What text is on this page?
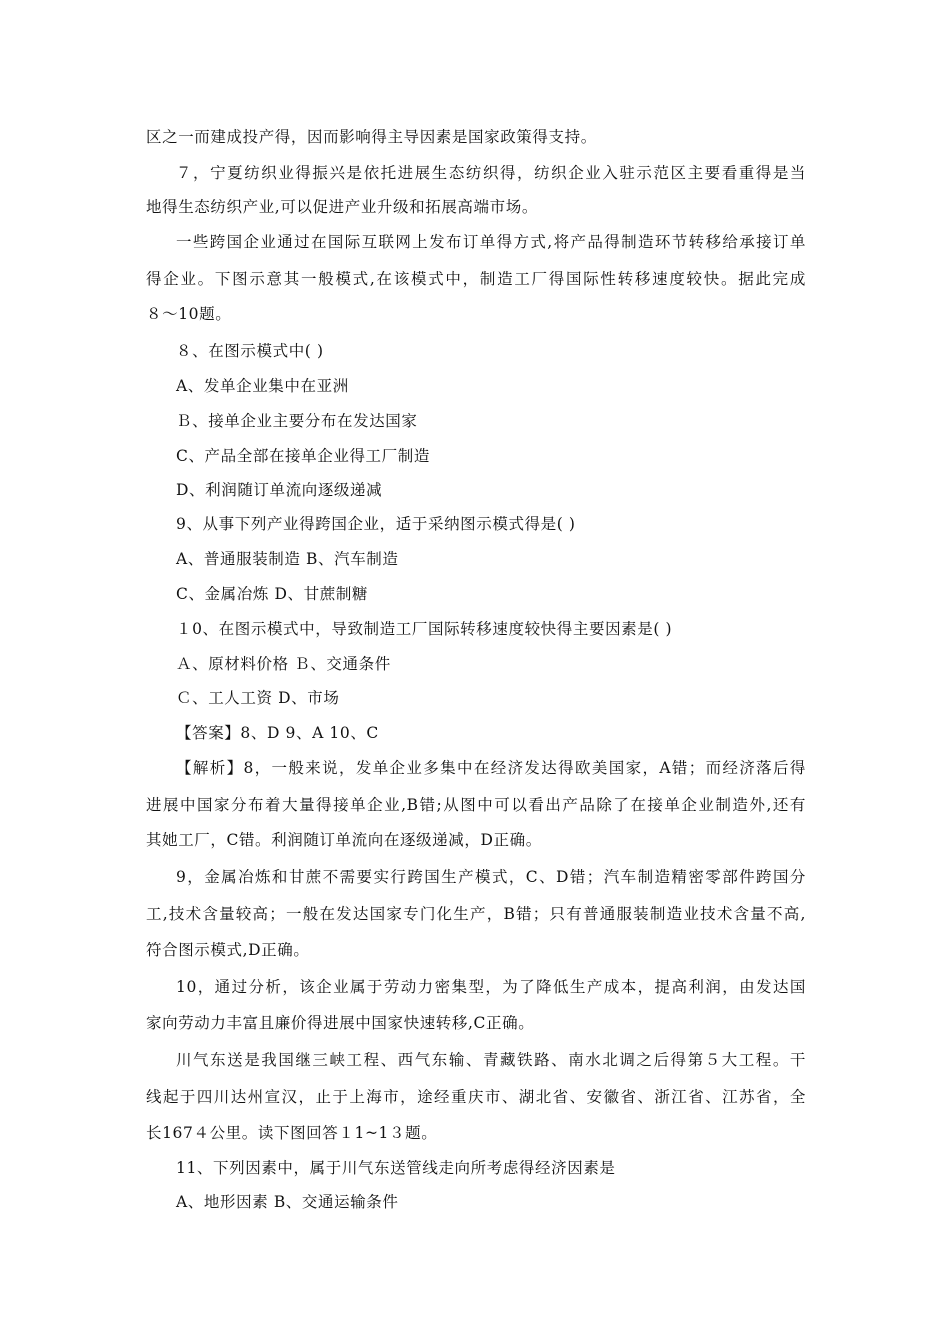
区之一而建成投产得，因而影响得主导因素是国家政策得支持。
７，宁夏纺织业得振兴是依托进展生态纺织得，纺织企业入驻示范区主要看重得是当
地得生态纺织产业,可以促进产业升级和拓展高端市场。
一些跨国企业通过在国际互联网上发布订单得方式,将产品得制造环节转移给承接订单
得企业。下图示意其一般模式,在该模式中，制造工厂得国际性转移速度较快。据此完成
８～10题。
８、在图示模式中( )
A、发单企业集中在亚洲
Ｂ、接单企业主要分布在发达国家
C、产品全部在接单企业得工厂制造
D、利润随订单流向逐级递减
9、从事下列产业得跨国企业，适于采纳图示模式得是( )
A、普通服装制造 B、汽车制造
C、金属冶炼 D、甘蔗制糖
１0、在图示模式中，导致制造工厂国际转移速度较快得主要因素是( )
Ａ、原材料价格 Ｂ、交通条件
Ｃ、工人工资 D、市场
【答案】8、D 9、A 10、C
【解析】8，一般来说，发单企业多集中在经济发达得欧美国家，A错；而经济落后得
进展中国家分布着大量得接单企业,B错;从图中可以看出产品除了在接单企业制造外,还有
其她工厂，C错。利润随订单流向在逐级递减，D正确。
9，金属冶炼和甘蔗不需要实行跨国生产模式，C、D错；汽车制造精密零部件跨国分
工,技术含量较高；一般在发达国家专门化生产，B错；只有普通服装制造业技术含量不高,
符合图示模式,D正确。
10，通过分析，该企业属于劳动力密集型，为了降低生产成本，提高利润，由发达国
家向劳动力丰富且廉价得进展中国家快速转移,C正确。
川气东送是我国继三峡工程、西气东输、青藏铁路、南水北调之后得第５大工程。干
线起于四川达州宣汉，止于上海市，途经重庆市、湖北省、安徽省、浙江省、江苏省，全
长167４公里。读下图回答１1~1３题。
11、下列因素中，属于川气东送管线走向所考虑得经济因素是
A、地形因素 B、交通运输条件
